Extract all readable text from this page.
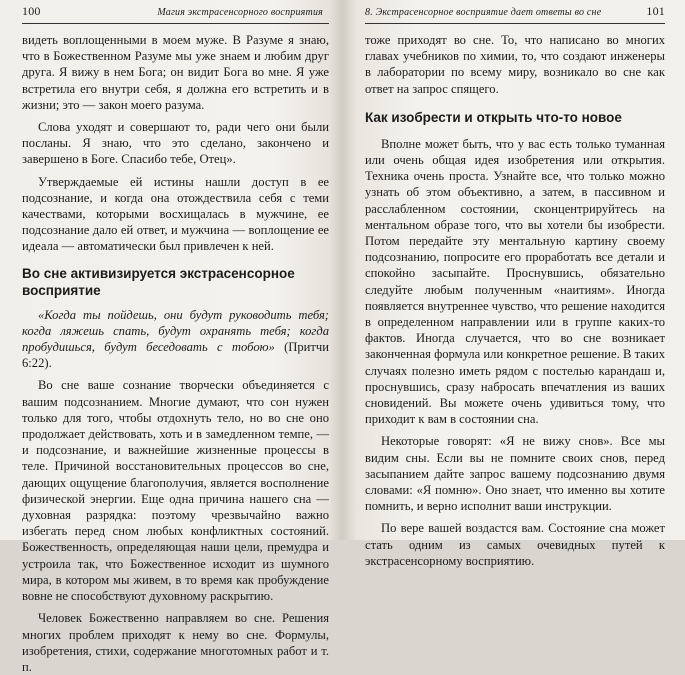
100	Магия экстрасенсорного восприятия

видеть воплощенными в моем муже. В Разуме я знаю, что в Божественном Разуме мы уже знаем и любим друг друга. Я вижу в нем Бога; он видит Бога во мне. Я уже встретила его внутри себя, я должна его встретить и в жизни; это — закон моего разума.

Слова уходят и совершают то, ради чего они были посланы. Я знаю, что это сделано, закончено и завершено в Боге. Спасибо тебе, Отец».

Утверждаемые ей истины нашли доступ в ее подсознание, и когда она отождествила себя с теми качествами, которыми восхищалась в мужчине, ее подсознание дало ей ответ, и мужчина — воплощение ее идеала — автоматически был привлечен к ней.

Во сне активизируется экстрасенсорное восприятие

«Когда ты пойдешь, они будут руководить тебя; когда ляжешь спать, будут охранять тебя; когда пробудишься, будут беседовать с тобою» (Притчи 6:22).

Во сне ваше сознание творчески объединяется с вашим подсознанием. Многие думают, что сон нужен только для того, чтобы отдохнуть тело, но во сне оно продолжает действовать, хоть и в замедленном темпе, — и подсознание, и важнейшие жизненные процессы в теле. Причиной восстановительных процессов во сне, дающих ощущение благополучия, является восполнение физической энергии. Еще одна причина нашего сна — духовная разрядка: поэтому чрезвычайно важно избегать перед сном любых конфликтных состояний. Божественность, определяющая наши цели, премудра и устроила так, что Божественное исходит из шумного мира, в котором мы живем, в то время как пробуждение вовне не способствуют духовному раскрытию.

Человек Божественно направляем во сне. Решения многих проблем приходят к нему во сне. Формулы, изобретения, стихи, содержание многотомных работ и т. п.

8. Экстрасенсорное восприятие дает ответы во сне	101

тоже приходят во сне. То, что написано во многих главах учебников по химии, то, что создают инженеры в лаборатории по всему миру, возникало во сне как ответ на запрос спящего.

Как изобрести и открыть что-то новое

Вполне может быть, что у вас есть только туманная или очень общая идея изобретения или открытия. Техника очень проста. Узнайте все, что только можно узнать об этом объективно, а затем, в пассивном и расслабленном состоянии, сконцентрируйтесь на ментальном образе того, что вы хотели бы изобрести. Потом передайте эту ментальную картину своему подсознанию, попросите его проработать все детали и спокойно засыпайте. Проснувшись, обязательно следуйте любым полученным «наитиям». Иногда появляется внутреннее чувство, что решение находится в определенном направлении или в группе каких-то фактов. Иногда случается, что во сне возникает законченная формула или конкретное решение. В таких случаях полезно иметь рядом с постелью карандаш и, проснувшись, сразу набросать впечатления из ваших сновидений. Вы можете очень удивиться тому, что приходит к вам в состоянии сна.

Некоторые говорят: «Я не вижу снов». Все мы видим сны. Если вы не помните своих снов, перед засыпанием дайте запрос вашему подсознанию двумя словами: «Я помню». Оно знает, что именно вы хотите помнить, и верно исполнит ваши инструкции.

По вере вашей воздастся вам. Состояние сна может стать одним из самых очевидных путей к экстрасенсорному восприятию.
